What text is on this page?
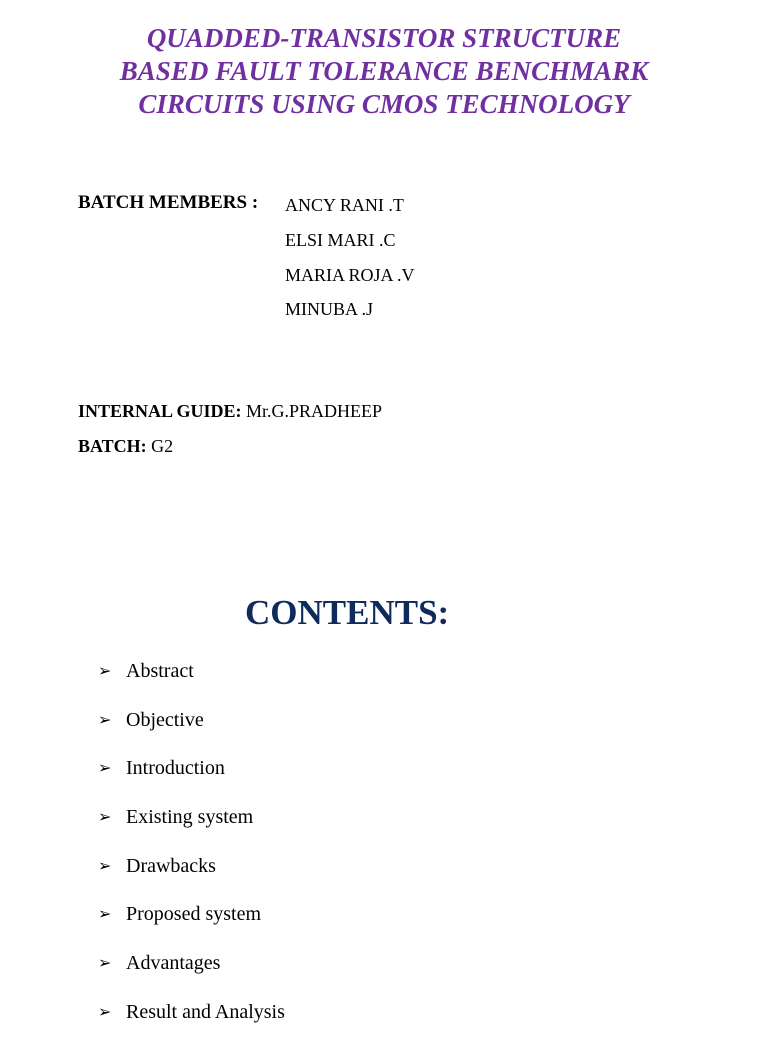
QUADDED-TRANSISTOR STRUCTURE
BASED FAULT TOLERANCE BENCHMARK
CIRCUITS USING CMOS TECHNOLOGY
BATCH MEMBERS : ANCY RANI .T
ELSI MARI .C
MARIA ROJA .V
MINUBA .J
INTERNAL GUIDE: Mr.G.PRADHEEP
BATCH: G2
CONTENTS:
➢ Abstract
➢ Objective
➢ Introduction
➢ Existing system
➢ Drawbacks
➢ Proposed system
➢ Advantages
➢ Result and Analysis
